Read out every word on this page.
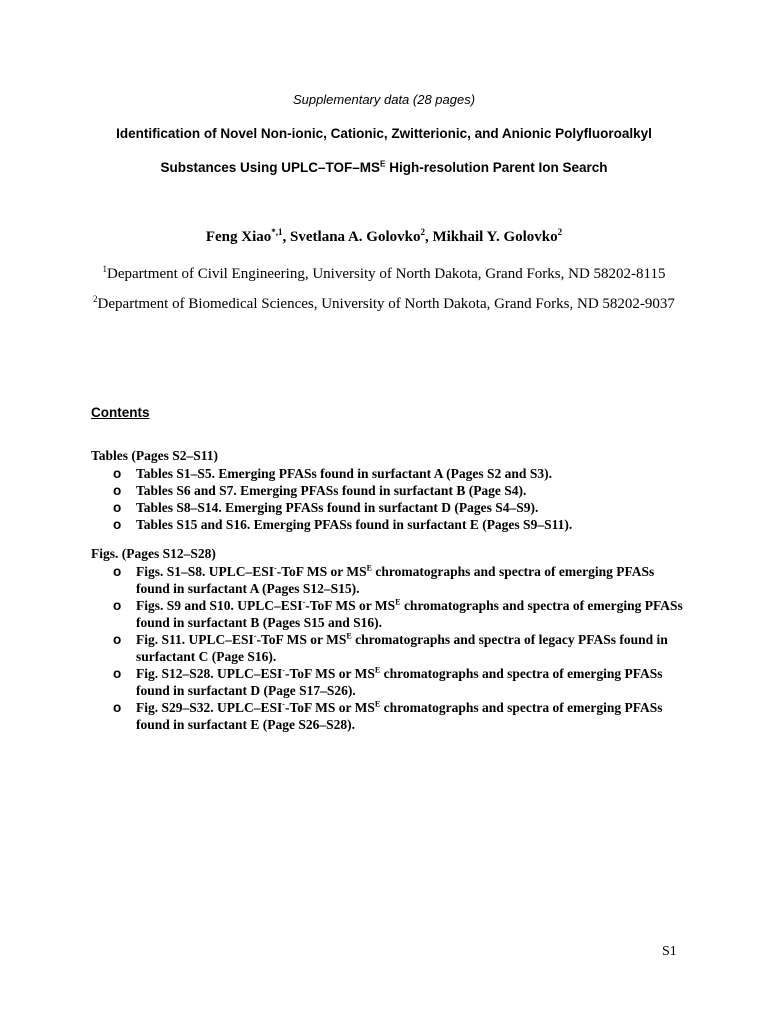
Supplementary data (28 pages)
Identification of Novel Non-ionic, Cationic, Zwitterionic, and Anionic Polyfluoroalkyl
Substances Using UPLC–$TOF-MS^E$ High-resolution Parent Ion Search
Feng Xiao$^{*,1}$, Svetlana A. Golovko$^2$, Mikhail Y. Golovko$^2$
$^1$Department of Civil Engineering, University of North Dakota, Grand Forks, ND 58202-8115
$^2$Department of Biomedical Sciences, University of North Dakota, Grand Forks, ND 58202-9037
Contents
Tables (Pages S2–S11)
o Tables S1–S5. Emerging PFASs found in surfactant A (Pages S2 and S3).
o Tables S6 and S7. Emerging PFASs found in surfactant B (Page S4).
o Tables S8–S14. Emerging PFASs found in surfactant D (Pages S4–S9).
o Tables S15 and S16. Emerging PFASs found in surfactant E (Pages S9–S11).
Figs. (Pages S12–S28)
o Figs. S1–S8. UPLC–ESI--ToF MS or $MS^E$ chromatographs and spectra of emerging PFASs found in surfactant A (Pages S12–S15).
o Figs. S9 and S10. UPLC–ESI--ToF MS or $MS^E$ chromatographs and spectra of emerging PFASs found in surfactant B (Pages S15 and S16).
o Fig. S11. UPLC–ESI--ToF MS or $MS^E$ chromatographs and spectra of legacy PFASs found in surfactant C (Page S16).
o Fig. S12–S28. UPLC–ESI--ToF MS or $MS^E$ chromatographs and spectra of emerging PFASs found in surfactant D (Page S17–S26).
o Fig. S29–S32. UPLC–ESI--ToF MS or $MS^E$ chromatographs and spectra of emerging PFASs found in surfactant E (Page S26–S28).
S1
